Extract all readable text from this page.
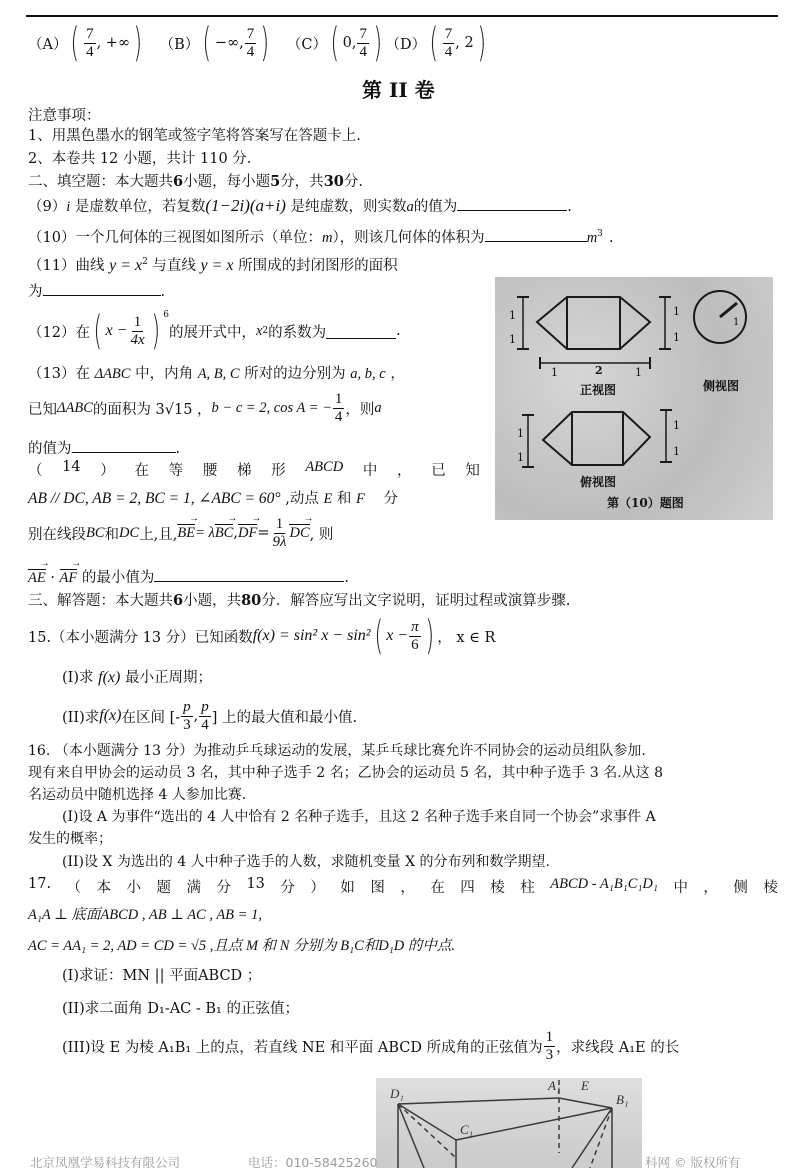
（A） ( $\frac{7}{4}$ , +∞ ) （B） ( −∞, $\frac{7}{4}$ ) （C） ( 0, $\frac{7}{4}$ ) （D） ( $\frac{7}{4}$ , 2 )
第 II 卷
注意事项：
1、用黑色墨水的钢笔或签字笔将答案写在答题卡上.
2、本卷共 12 小题，共计 110 分.
二、填空题：本大题共6小题，每小题5分，共30分.
（9）i 是虚数单位，若复数(1−2i)(a+i) 是纯虚数，则实数a的值为	.
（10）一个几何体的三视图如图所示（单位：m），则该几何体的体积为	$m^3$ .
（11）曲线 $y = x^2$ 与直线 y = x 所围成的封闭图形的面积
为	.
（12） 在 ( $x - \frac{1}{4x}$ ) 6
的展开式中， x 2 的系数为	.
（13）在 ΔABC 中，内角 A, B, C 所对的边分别为 a, b, c ，
已知 ΔABC 的面积为 3√15 ， b − c = 2, cos A = − $\frac{1}{4}$ ，则 a
的值为	.
（ 14 ） 在 等 腰 梯 形 ABCD 中 ， 已 知
AB // DC, AB = 2, BC = 1, ∠ABC = 60° ,动点 E 和 F 分
别在线段 BC 和 DC 上,且, BE → = λ BC → , DF → = $\frac{1}{9\lambda}$ DC → , 则
AE → · AF → 的最小值为	.
三、解答题：本大题共6小题，共80分．解答应写出文字说明，证明过程或演算步骤.
15.（本小题满分 13 分）已知函数 f(x) = sin² x − sin² ( $x - \frac{\pi}{6}$ ) ， x ∈ R
(I)求 f(x) 最小正周期；
(II)求 f(x) 在区间 [- $\frac{p}{3}$ , $\frac{p}{4}$ ] 上的最大值和最小值.
16. （本小题满分 13 分）为推动乒乓球运动的发展，某乒乓球比赛允许不同协会的运动员组队参加.
现有来自甲协会的运动员 3 名，其中种子选手 2 名；乙协会的运动员 5 名，其中种子选手 3 名.从这 8
名运动员中随机选择 4 人参加比赛.
(I)设 A 为事件“选出的 4 人中恰有 2 名种子选手，且这 2 名种子选手来自同一个协会”求事件 A
发生的概率；
(II)设 X 为选出的 4 人中种子选手的人数，求随机变量 X 的分布列和数学期望.
17. （ 本 小 题 满 分 13 分 ） 如 图 ， 在 四 棱 柱 ABCD - A₁B₁C₁D₁ 中 ， 侧 棱
A₁A ⊥ 底面ABCD , AB ⊥ AC , AB = 1,
AC = AA₁ = 2, AD = CD = √5 ,且点 M 和 N 分别为 B₁C和D₁D 的中点.
(I)求证：MN || 平面ABCD ；
(II)求二面角 D₁-AC - B₁ 的正弦值；
(III)设 E 为棱 A₁B₁ 上的点，若直线 NE 和平面 ABCD 所成角的正弦值为 $\frac{1}{3}$ ，求线段 A₁E 的长
1
1
1
1
1	2	1
1
正视图	侧视图
1
1
1
1
俯视图
第（10）题图
D₁
A₁
B₁
C₁
E
北京凤凰学易科技有限公司	电话：010-58425260	科网 © 版权所有
